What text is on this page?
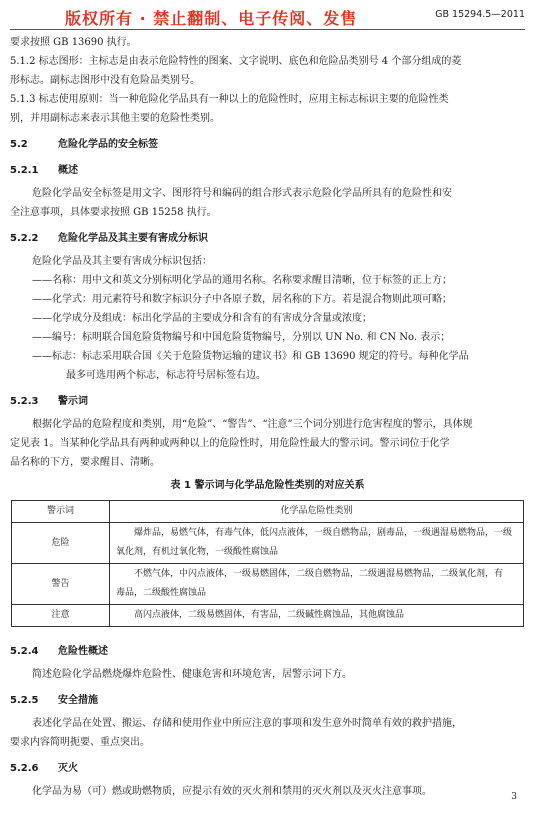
版权所有 · 禁止翻制、电子传阅、发售	GB 15294.5—2011

要求按照 GB 13690 执行。

5.1.2 标志图形：主标志是由表示危险特性的图案、文字说明、底色和危险品类别号 4 个部分组成的菱

形标志。副标志图形中没有危险品类别号。

5.1.3 标志使用原则：当一种危险化学品具有一种以上的危险性时，应用主标志标识主要的危险性类

别，并用副标志来表示其他主要的危险性类别。

5.2	危险化学品的安全标签
5.2.1 概述

危险化学品安全标签是用文字、图形符号和编码的组合形式表示危险化学品所具有的危险性和安

全注意事项，具体要求按照 GB 15258 执行。

5.2.2 危险化学品及其主要有害成分标识

危险化学品及其主要有害成分标识包括：

——名称：用中文和英文分别标明化学品的通用名称。名称要求醒目清晰，位于标签的正上方；

——化学式：用元素符号和数字标识分子中各原子数，居名称的下方。若是混合物则此项可略；

——化学成分及组成：标出化学品的主要成分和含有的有害成分含量或浓度；

——编号：标明联合国危险货物编号和中国危险货物编号，分别以 UN No. 和 CN No. 表示；

——标志：标志采用联合国《关于危险货物运输的建议书》和 GB 13690 规定的符号。每种化学品

最多可选用两个标志，标志符号居标签右边。

5.2.3 警示词

根据化学品的危险程度和类别，用“危险”、“警告”、“注意”三个词分别进行危害程度的警示，具体规

定见表 1。当某种化学品具有两种或两种以上的危险性时，用危险性最大的警示词。警示词位于化学

品名称的下方，要求醒目、清晰。

表 1 警示词与化学品危险性类别的对应关系
警示词	化学品危险性类别
危险	爆炸品，易燃气体，有毒气体，低闪点液体，一级自燃物品，剧毒品，一级遇湿易燃物品，一级
氧化剂，有机过氧化物，一级酸性腐蚀品

警告	不燃气体，中闪点液体，一级易燃固体，二级自燃物品，二级遇湿易燃物品，二级氧化剂，有
毒品，二级酸性腐蚀品

注意	高闪点液体，二级易燃固体，有害品，二级碱性腐蚀品，其他腐蚀品
5.2.4 危险性概述

简述危险化学品燃烧爆炸危险性、健康危害和环境危害，居警示词下方。

5.2.5 安全措施

表述化学品在处置、搬运、存储和使用作业中所应注意的事项和发生意外时简单有效的救护措施，

要求内容简明扼要、重点突出。

5.2.6 灭火

化学品为易（可）燃或助燃物质，应提示有效的灭火剂和禁用的灭火剂以及灭火注意事项。	3
